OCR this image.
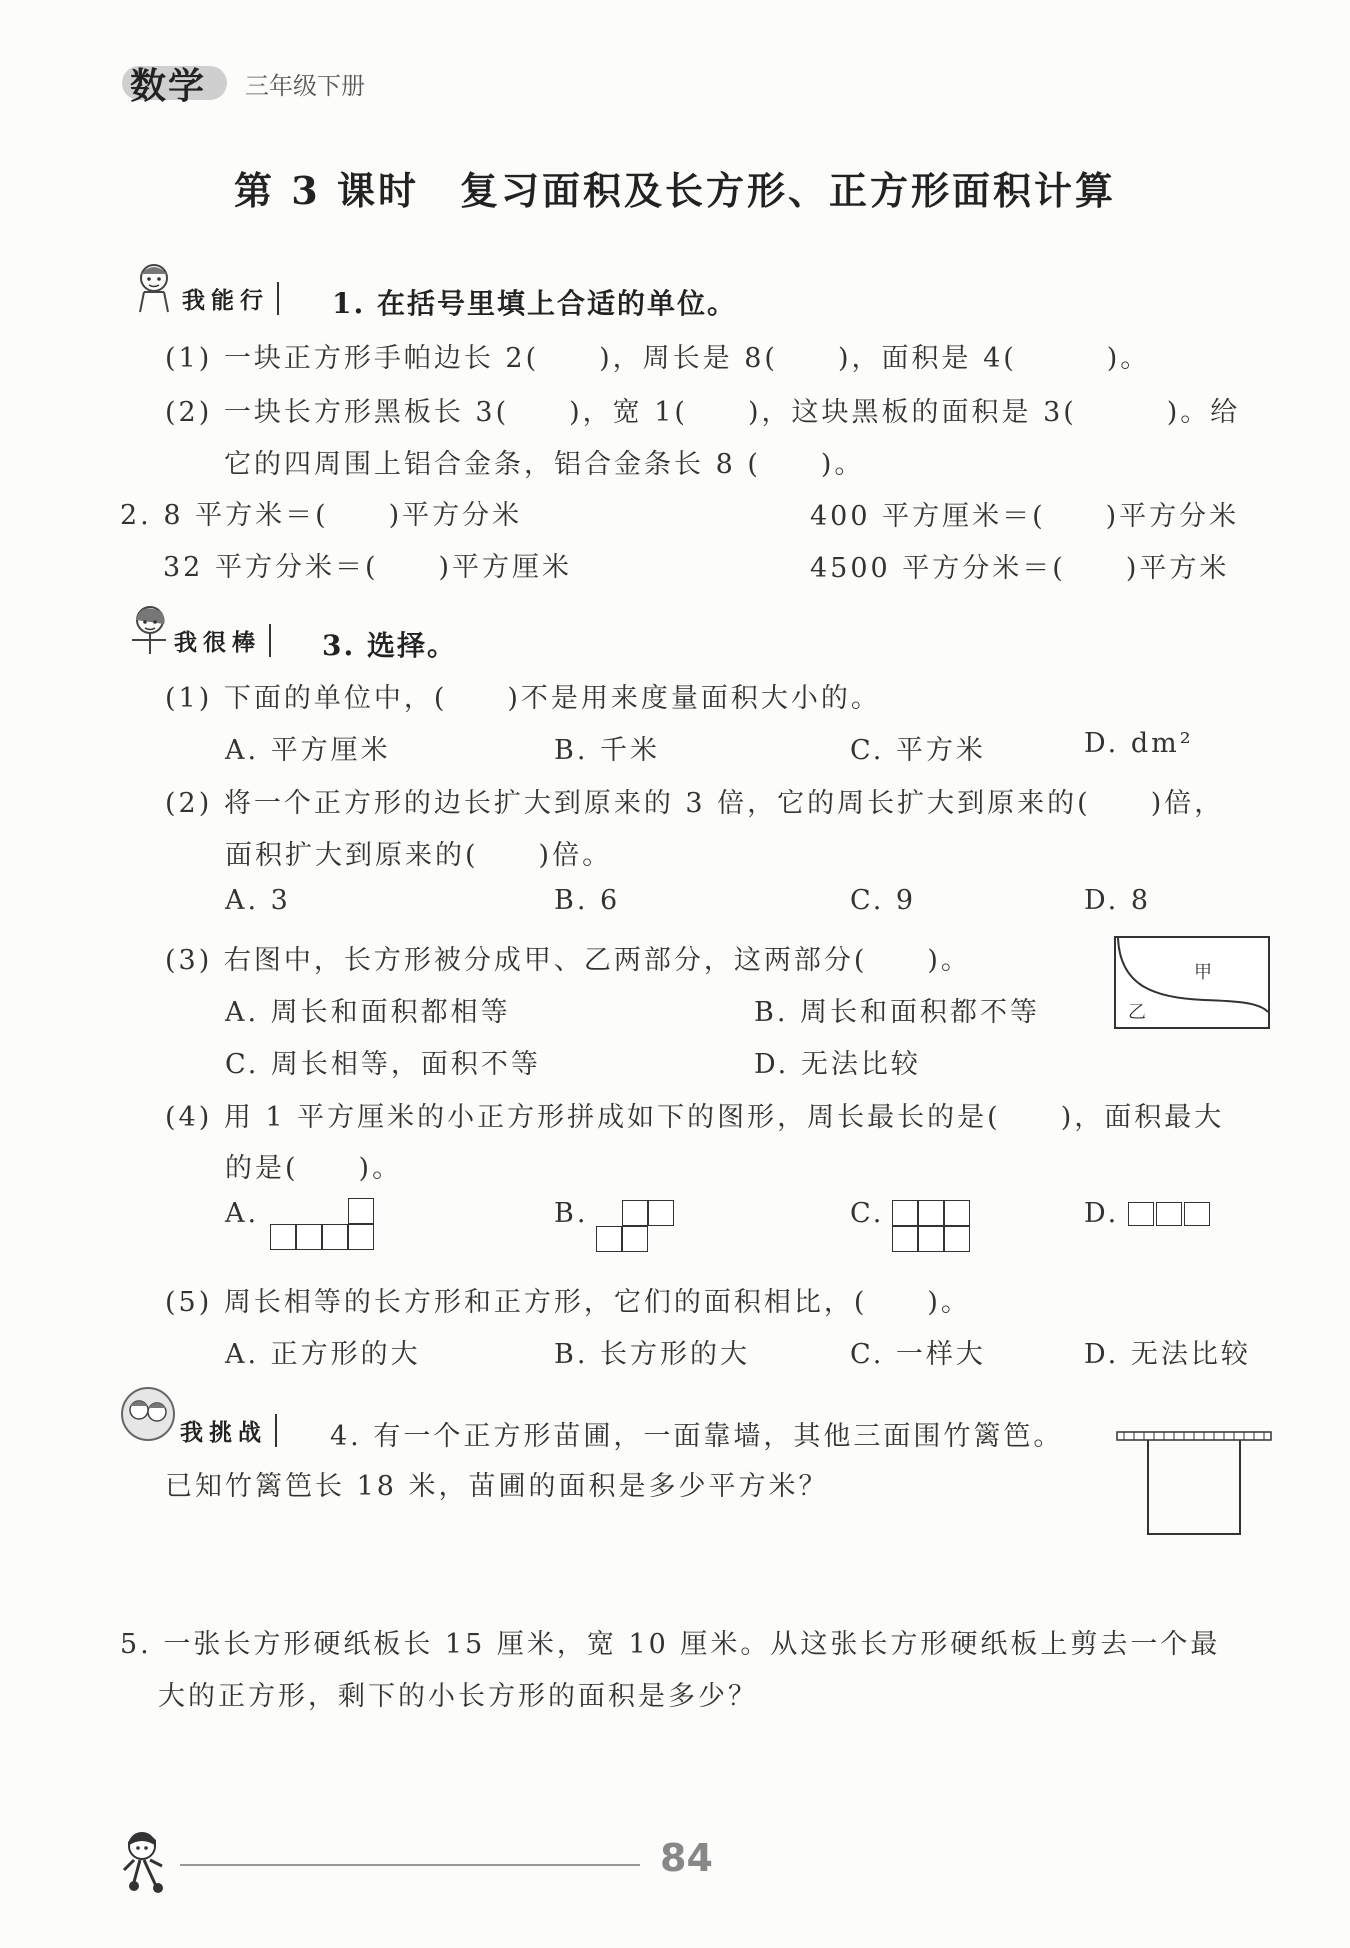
数学 三年级下册
第 3 课时　复习面积及长方形、正方形面积计算
我能行	1. 在括号里填上合适的单位。
(1) 一块正方形手帕边长 2(　　)，周长是 8(　　)，面积是 4(　　　)。
(2) 一块长方形黑板长 3(　　)，宽 1(　　)，这块黑板的面积是 3(　　　)。给
它的四周围上铝合金条，铝合金条长 8 (　　)。
2. 8 平方米＝(　　)平方分米	400 平方厘米＝(　　)平方分米
32 平方分米＝(　　)平方厘米	4500 平方分米＝(　　)平方米
我很棒	3. 选择。
(1) 下面的单位中，(　　)不是用来度量面积大小的。
A. 平方厘米	B. 千米	C. 平方米	D. dm²
(2) 将一个正方形的边长扩大到原来的 3 倍，它的周长扩大到原来的(　　)倍，
面积扩大到原来的(　　)倍。
A. 3	B. 6	C. 9	D. 8
(3) 右图中，长方形被分成甲、乙两部分，这两部分(　　)。
A. 周长和面积都相等	B. 周长和面积都不等
C. 周长相等，面积不等	D. 无法比较
甲
乙
(4) 用 1 平方厘米的小正方形拼成如下的图形，周长最长的是(　　)，面积最大
的是(　　)。
A.	B.	C.	D.
(5) 周长相等的长方形和正方形，它们的面积相比，(　　)。
A. 正方形的大	B. 长方形的大	C. 一样大	D. 无法比较
我挑战	4. 有一个正方形苗圃，一面靠墙，其他三面围竹篱笆。
已知竹篱笆长 18 米，苗圃的面积是多少平方米？
5. 一张长方形硬纸板长 15 厘米，宽 10 厘米。从这张长方形硬纸板上剪去一个最
大的正方形，剩下的小长方形的面积是多少？
84
